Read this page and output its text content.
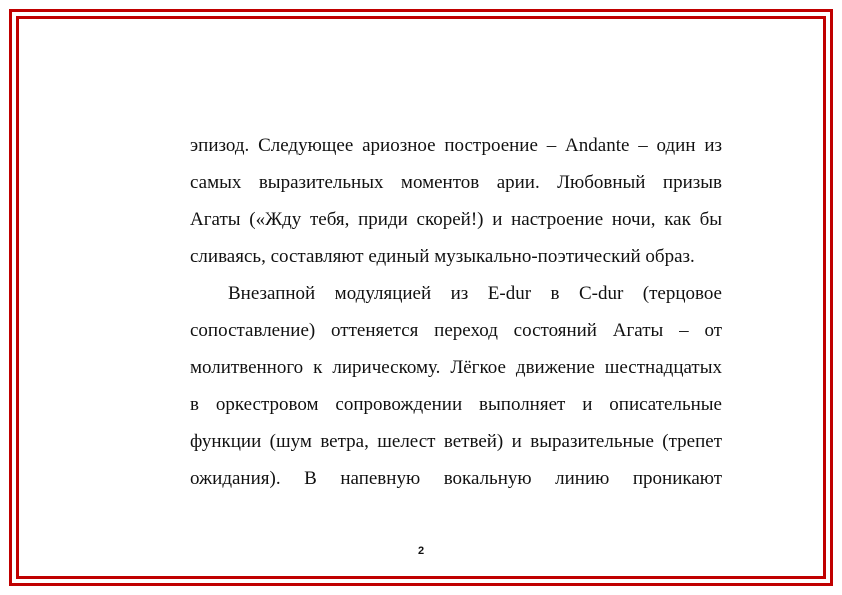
эпизод. Следующее ариозное построение – Andante – один из
самых выразительных моментов арии. Любовный призыв
Агаты («Жду тебя, приди скорей!) и настроение ночи, как бы
сливаясь, составляют единый музыкально-поэтический образ.
Внезапной модуляцией из E-dur в C-dur (терцовое
сопоставление) оттеняется переход состояний Агаты – от
молитвенного к лирическому. Лёгкое движение шестнадцатых
в оркестровом сопровождении выполняет и описательные
функции (шум ветра, шелест ветвей) и выразительные (трепет
ожидания). В напевную вокальную линию проникают
2
